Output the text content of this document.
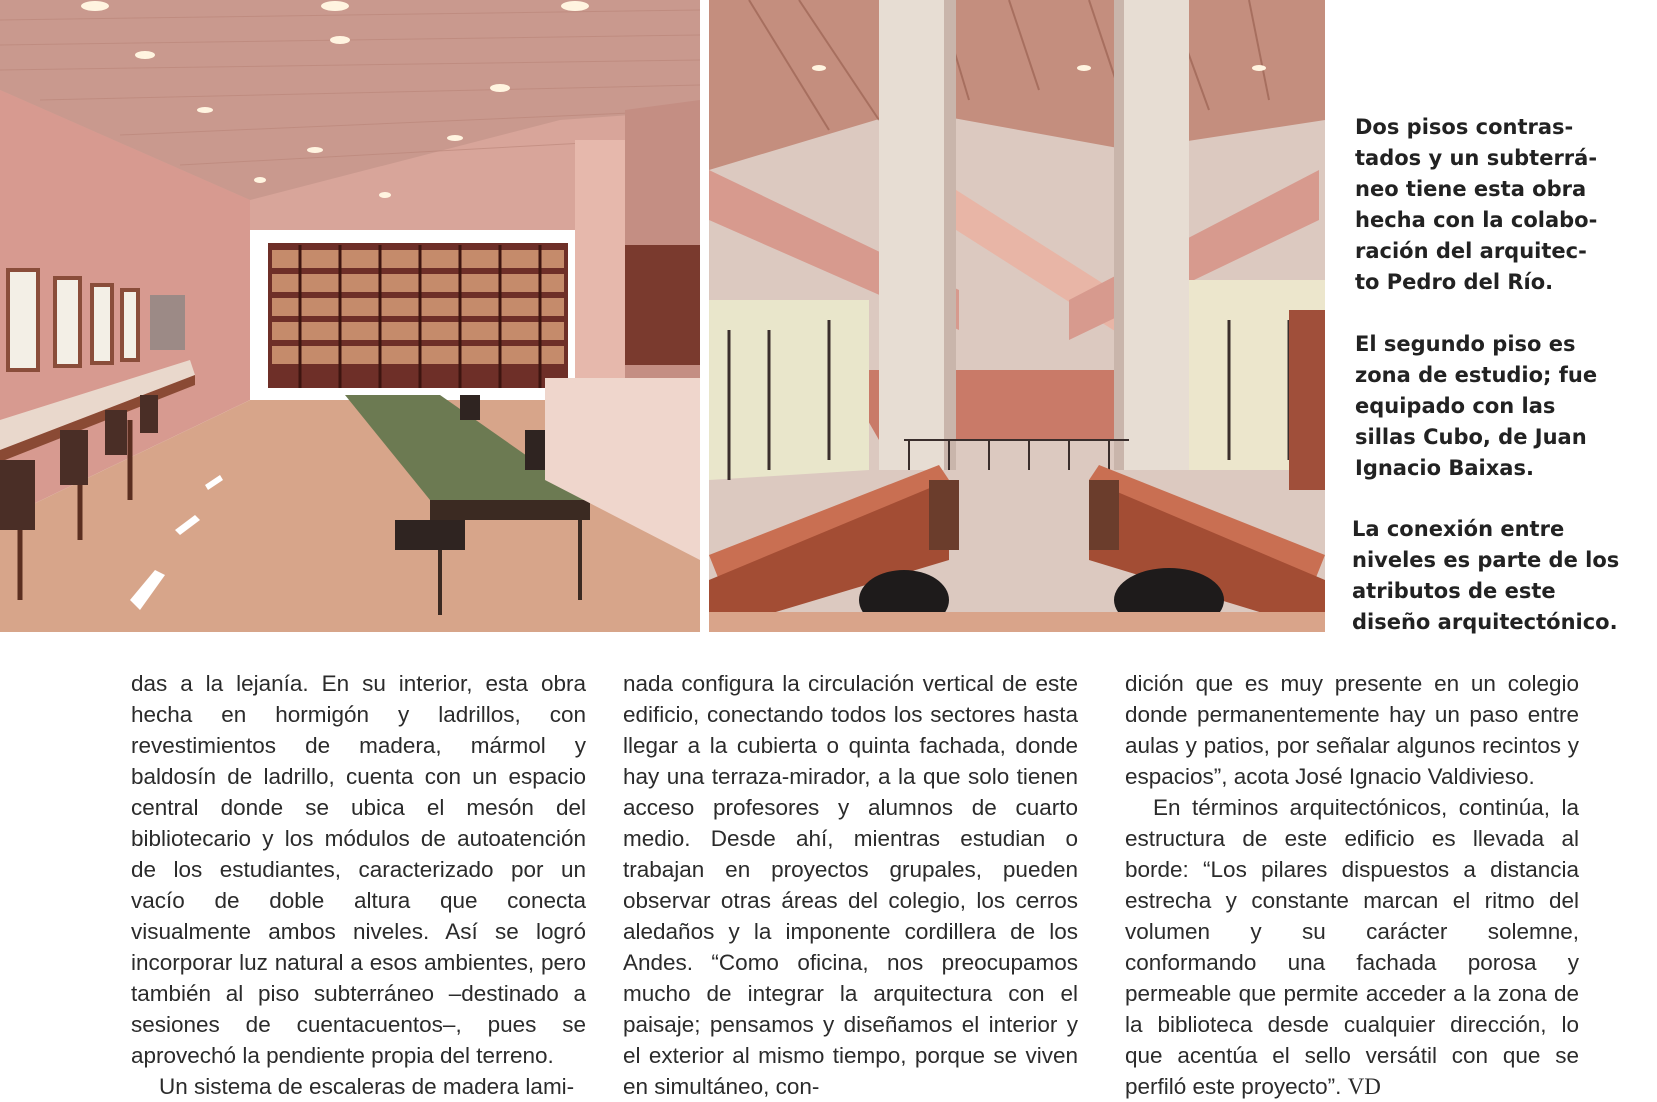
Dos pisos contras-
tados y un subterrá-
neo tiene esta obra
hecha con la colabo-
ración del arquitec-
to Pedro del Río.

El segundo piso es
zona de estudio; fue
equipado con las
sillas Cubo, de Juan
Ignacio Baixas.

La conexión entre
niveles es parte de los
atributos de este
diseño arquitectónico.

das a la lejanía. En su interior, esta obra hecha en hormigón y ladrillos, con revestimientos de madera, mármol y baldosín de ladrillo, cuenta con un espacio central donde se ubica el mesón del bibliotecario y los módulos de autoatención de los estudiantes, caracterizado por un vacío de doble altura que conecta visualmente ambos niveles. Así se logró incorporar luz natural a esos ambientes, pero también al piso subterráneo –destinado a sesiones de cuentacuentos–, pues se aprovechó la pendiente propia del terreno.

Un sistema de escaleras de madera lami-

nada configura la circulación vertical de este edificio, conectando todos los sectores hasta llegar a la cubierta o quinta fachada, donde hay una terraza-mirador, a la que solo tienen acceso profesores y alumnos de cuarto medio. Desde ahí, mientras estudian o trabajan en proyectos grupales, pueden observar otras áreas del colegio, los cerros aledaños y la imponente cordillera de los Andes. “Como oficina, nos preocupamos mucho de integrar la arquitectura con el paisaje; pensamos y diseñamos el interior y el exterior al mismo tiempo, porque se viven en simultáneo, con-

dición que es muy presente en un colegio donde permanentemente hay un paso entre aulas y patios, por señalar algunos recintos y espacios”, acota José Ignacio Valdivieso.

En términos arquitectónicos, continúa, la estructura de este edificio es llevada al borde: “Los pilares dispuestos a distancia estrecha y constante marcan el ritmo del volumen y su carácter solemne, conformando una fachada porosa y permeable que permite acceder a la zona de la biblioteca desde cualquier dirección, lo que acentúa el sello versátil con que se perfiló este proyecto”. VD
